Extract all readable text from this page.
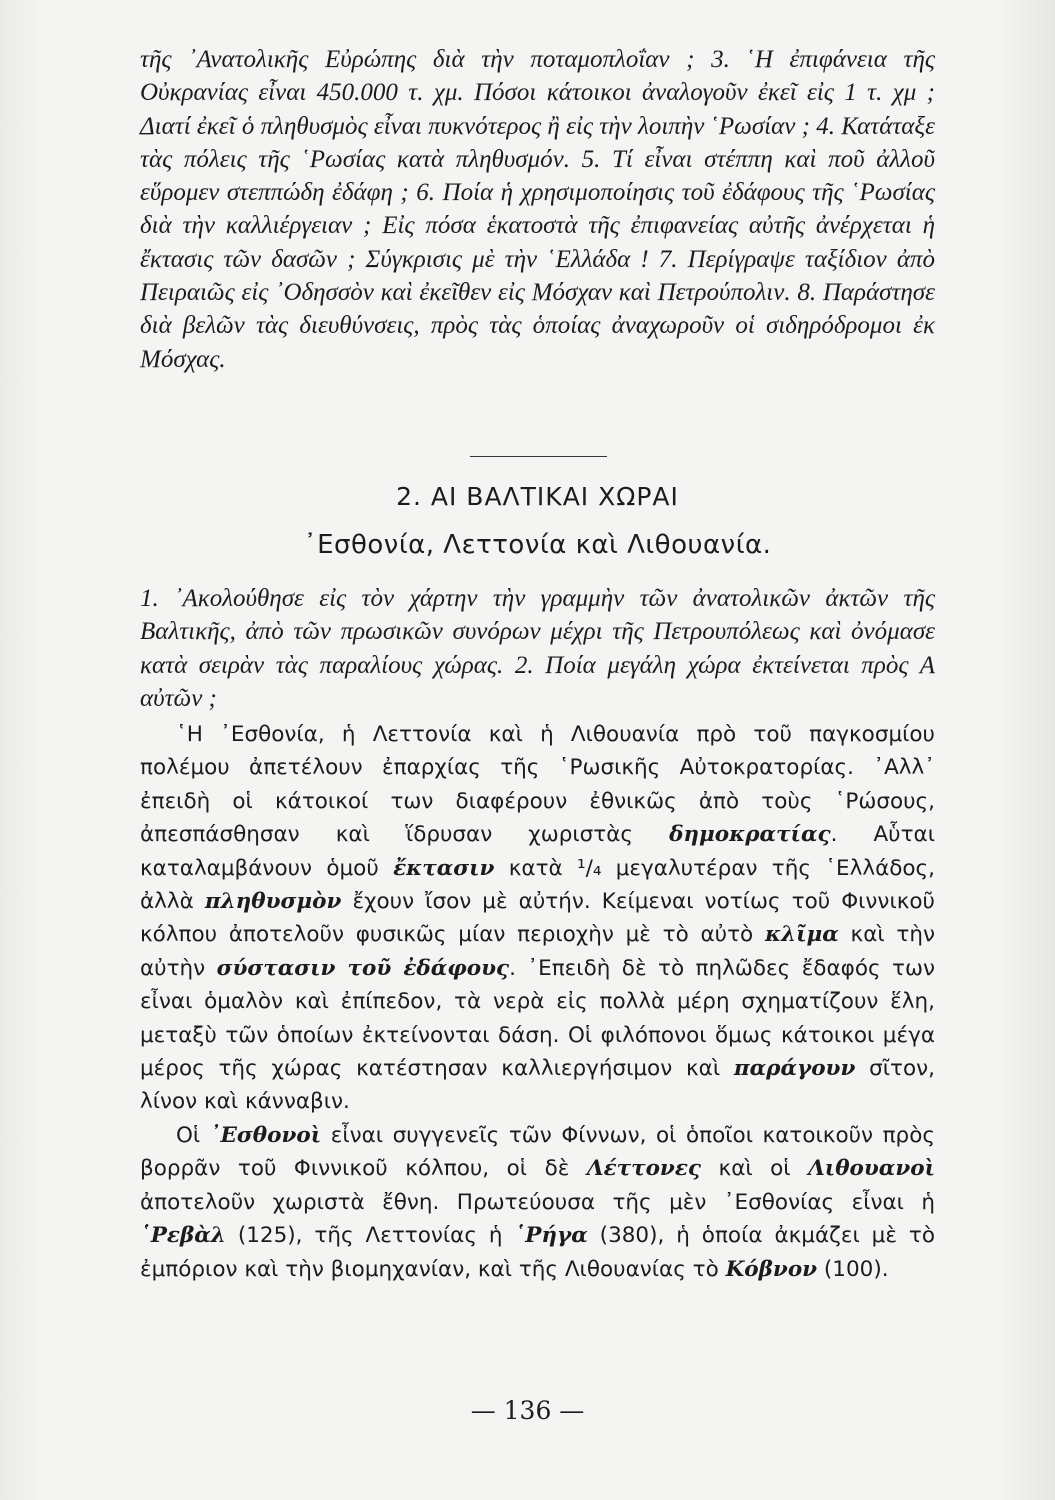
τῆς ᾿Ανατολικῆς Εὐρώπης διὰ τὴν ποταμοπλοΐαν ; 3. ῾Η ἐπιφάνεια τῆς Οὐκρανίας εἶναι 450.000 τ. χμ. Πόσοι κάτοικοι ἀναλογοῦν ἐκεῖ εἰς 1 τ. χμ ; Διατί ἐκεῖ ὁ πληθυσμὸς εἶναι πυκνότερος ἢ εἰς τὴν λοιπὴν ῾Ρωσίαν ; 4. Κατάταξε τὰς πόλεις τῆς ῾Ρωσίας κατὰ πληθυσμόν. 5. Τί εἶναι στέππη καὶ ποῦ ἀλλοῦ εὕρομεν στεππώδη ἐδάφη ; 6. Ποία ἡ χρησιμοποίησις τοῦ ἐδάφους τῆς ῾Ρωσίας διὰ τὴν καλλιέργειαν ; Εἰς πόσα ἑκατοστὰ τῆς ἐπιφανείας αὐτῆς ἀνέρχεται ἡ ἔκτασις τῶν δασῶν ; Σύγκρισις μὲ τὴν ῾Ελλάδα ! 7. Περίγραψε ταξίδιον ἀπὸ Πειραιῶς εἰς ᾿Οδησσὸν καὶ ἐκεῖθεν εἰς Μόσχαν καὶ Πετρούπολιν. 8. Παράστησε διὰ βελῶν τὰς διευθύνσεις, πρὸς τὰς ὁποίας ἀναχωροῦν οἱ σιδηρόδρομοι ἐκ Μόσχας.
2. ΑΙ ΒΑΛΤΙΚΑΙ ΧΩΡΑΙ
᾿Εσθονία, Λεττονία καὶ Λιθουανία.
1. ᾿Ακολούθησε εἰς τὸν χάρτην τὴν γραμμὴν τῶν ἀνατολικῶν ἀκτῶν τῆς Βαλτικῆς, ἀπὸ τῶν πρωσικῶν συνόρων μέχρι τῆς Πετρουπόλεως καὶ ὀνόμασε κατὰ σειρὰν τὰς παραλίους χώρας. 2. Ποία μεγάλη χώρα ἐκτείνεται πρὸς Α αὐτῶν ;

῾Η ᾿Εσθονία, ἡ Λεττονία καὶ ἡ Λιθουανία πρὸ τοῦ παγκοσμίου πολέμου ἀπετέλουν ἐπαρχίας τῆς ῾Ρωσικῆς Αὐτοκρατορίας. ᾿Αλλ᾿ ἐπειδὴ οἱ κάτοικοί των διαφέρουν ἐθνικῶς ἀπὸ τοὺς ῾Ρώσους, ἀπεσπάσθησαν καὶ ἵδρυσαν χωριστὰς δημοκρατίας. Αὗται καταλαμβάνουν ὁμοῦ ἔκτασιν κατὰ ¹/₄ μεγαλυτέραν τῆς ῾Ελλάδος, ἀλλὰ πληθυσμὸν ἔχουν ἴσον μὲ αὐτήν. Κείμεναι νοτίως τοῦ Φιννικοῦ κόλπου ἀποτελοῦν φυσικῶς μίαν περιοχὴν μὲ τὸ αὐτὸ κλῖμα καὶ τὴν αὐτὴν σύστασιν τοῦ ἐδάφους. ᾿Επειδὴ δὲ τὸ πηλῶδες ἔδαφός των εἶναι ὁμαλὸν καὶ ἐπίπεδον, τὰ νερὰ εἰς πολλὰ μέρη σχηματίζουν ἕλη, μεταξὺ τῶν ὁποίων ἐκτείνονται δάση. Οἱ φιλόπονοι ὅμως κάτοικοι μέγα μέρος τῆς χώρας κατέστησαν καλλιεργήσιμον καὶ παράγουν σῖτον, λίνον καὶ κάνναβιν.

Οἱ ᾿Εσθονοὶ εἶναι συγγενεῖς τῶν Φίννων, οἱ ὁποῖοι κατοικοῦν πρὸς βορρᾶν τοῦ Φιννικοῦ κόλπου, οἱ δὲ Λέττονες καὶ οἱ Λιθουανοὶ ἀποτελοῦν χωριστὰ ἔθνη. Πρωτεύουσα τῆς μὲν ᾿Εσθονίας εἶναι ἡ ῾Ρεβὰλ (125), τῆς Λεττονίας ἡ ῾Ρήγα (380), ἡ ὁποία ἀκμάζει μὲ τὸ ἐμπόριον καὶ τὴν βιομηχανίαν, καὶ τῆς Λιθουανίας τὸ Κόβνον (100).

— 136 —
